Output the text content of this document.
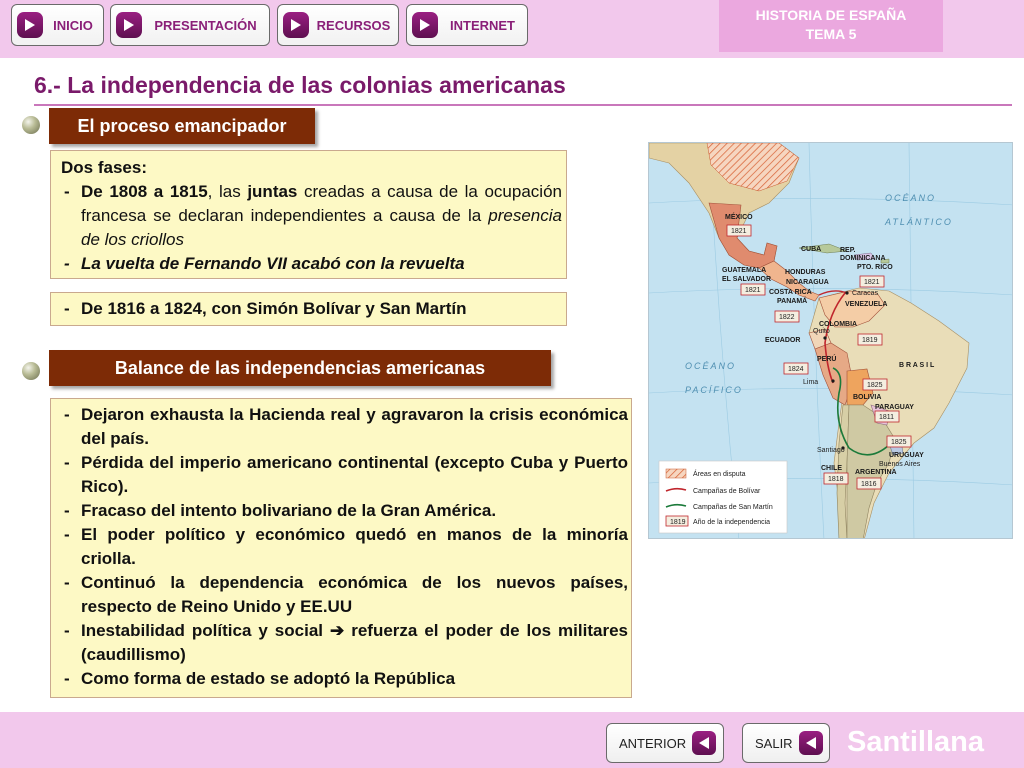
INICIO	PRESENTACIÓN	RECURSOS	INTERNET
HISTORIA DE ESPAÑA
TEMA 5
6.- La independencia de las colonias americanas
El proceso emancipador
Dos fases:
- De 1808 a 1815, las juntas creadas a causa de la ocupación francesa se declaran independientes a causa de la presencia de los criollos
- La vuelta de Fernando VII acabó con la revuelta
- De 1816 a 1824, con Simón Bolívar y San Martín
Balance de las independencias americanas
- Dejaron exhausta la Hacienda real y agravaron la crisis económica del país.
- Pérdida del imperio americano continental (excepto Cuba y Puerto Rico).
- Fracaso del intento bolivariano de la Gran América.
- El poder político y económico quedó en manos de la minoría criolla.
- Continuó la dependencia económica de los nuevos países, respecto de Reino Unido y EE.UU
- Inestabilidad política y social ➔ refuerza el poder de los militares (caudillismo)
- Como forma de estado se adoptó la República
OCÉANO
ATLÁNTICO
OCÉANO
PACÍFICO
MÉXICO
CUBA	REP.
DOMINICANA
PTO. RICO
GUATEMALA
EL SALVADOR
HONDURAS
NICARAGUA
COSTA RICA
PANAMÁ
Caracas
VENEZUELA
COLOMBIA
Quito
ECUADOR
PERÚ
Lima
BOLIVIA
PARAGUAY
B R A S I L
Santiago
CHILE
ARGENTINA
URUGUAY
Buenos Aires
1821
1821
1821
1822
1819
1824
1825
1811
1825
1818
1816
Áreas en disputa
Campañas de Bolívar
Campañas de San Martín
1819 Año de la independencia
ANTERIOR	SALIR Santillana
